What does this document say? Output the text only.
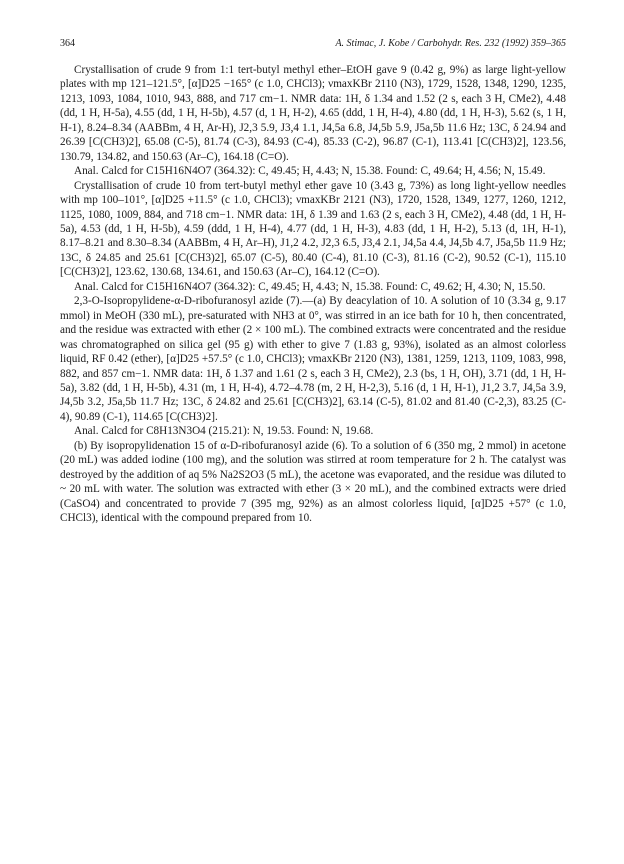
364	A. Stimac, J. Kobe / Carbohydr. Res. 232 (1992) 359–365

Crystallisation of crude 9 from 1:1 tert-butyl methyl ether–EtOH gave 9 (0.42 g, 9%) as large light-yellow plates with mp 121–121.5°, [α]D25 −165° (c 1.0, CHCl3); νmaxKBr 2110 (N3), 1729, 1528, 1348, 1290, 1235, 1213, 1093, 1084, 1010, 943, 888, and 717 cm−1. NMR data: 1H, δ 1.34 and 1.52 (2 s, each 3 H, CMe2), 4.48 (dd, 1 H, H-5a), 4.55 (dd, 1 H, H-5b), 4.57 (d, 1 H, H-2), 4.65 (ddd, 1 H, H-4), 4.80 (dd, 1 H, H-3), 5.62 (s, 1 H, H-1), 8.24–8.34 (AABBm, 4 H, Ar-H), J2,3 5.9, J3,4 1.1, J4,5a 6.8, J4,5b 5.9, J5a,5b 11.6 Hz; 13C, δ 24.94 and 26.39 [C(CH3)2], 65.08 (C-5), 81.74 (C-3), 84.93 (C-4), 85.33 (C-2), 96.87 (C-1), 113.41 [C(CH3)2], 123.56, 130.79, 134.82, and 150.63 (Ar–C), 164.18 (C=O).

Anal. Calcd for C15H16N4O7 (364.32): C, 49.45; H, 4.43; N, 15.38. Found: C, 49.64; H, 4.56; N, 15.49.

Crystallisation of crude 10 from tert-butyl methyl ether gave 10 (3.43 g, 73%) as long light-yellow needles with mp 100–101°, [α]D25 +11.5° (c 1.0, CHCl3); νmaxKBr 2121 (N3), 1720, 1528, 1349, 1277, 1260, 1212, 1125, 1080, 1009, 884, and 718 cm−1. NMR data: 1H, δ 1.39 and 1.63 (2 s, each 3 H, CMe2), 4.48 (dd, 1 H, H-5a), 4.53 (dd, 1 H, H-5b), 4.59 (ddd, 1 H, H-4), 4.77 (dd, 1 H, H-3), 4.83 (dd, 1 H, H-2), 5.13 (d, 1H, H-1), 8.17–8.21 and 8.30–8.34 (AABBm, 4 H, Ar–H), J1,2 4.2, J2,3 6.5, J3,4 2.1, J4,5a 4.4, J4,5b 4.7, J5a,5b 11.9 Hz; 13C, δ 24.85 and 25.61 [C(CH3)2], 65.07 (C-5), 80.40 (C-4), 81.10 (C-3), 81.16 (C-2), 90.52 (C-1), 115.10 [C(CH3)2], 123.62, 130.68, 134.61, and 150.63 (Ar–C), 164.12 (C=O).

Anal. Calcd for C15H16N4O7 (364.32): C, 49.45; H, 4.43; N, 15.38. Found: C, 49.62; H, 4.30; N, 15.50.

2,3-O-Isopropylidene-α-D-ribofuranosyl azide (7).—(a) By deacylation of 10. A solution of 10 (3.34 g, 9.17 mmol) in MeOH (330 mL), pre-saturated with NH3 at 0°, was stirred in an ice bath for 10 h, then concentrated, and the residue was extracted with ether (2 × 100 mL). The combined extracts were concentrated and the residue was chromatographed on silica gel (95 g) with ether to give 7 (1.83 g, 93%), isolated as an almost colorless liquid, RF 0.42 (ether), [α]D25 +57.5° (c 1.0, CHCl3); νmaxKBr 2120 (N3), 1381, 1259, 1213, 1109, 1083, 998, 882, and 857 cm−1. NMR data: 1H, δ 1.37 and 1.61 (2 s, each 3 H, CMe2), 2.3 (bs, 1 H, OH), 3.71 (dd, 1 H, H-5a), 3.82 (dd, 1 H, H-5b), 4.31 (m, 1 H, H-4), 4.72–4.78 (m, 2 H, H-2,3), 5.16 (d, 1 H, H-1), J1,2 3.7, J4,5a 3.9, J4,5b 3.2, J5a,5b 11.7 Hz; 13C, δ 24.82 and 25.61 [C(CH3)2], 63.14 (C-5), 81.02 and 81.40 (C-2,3), 83.25 (C-4), 90.89 (C-1), 114.65 [C(CH3)2].

Anal. Calcd for C8H13N3O4 (215.21): N, 19.53. Found: N, 19.68.

(b) By isopropylidenation 15 of α-D-ribofuranosyl azide (6). To a solution of 6 (350 mg, 2 mmol) in acetone (20 mL) was added iodine (100 mg), and the solution was stirred at room temperature for 2 h. The catalyst was destroyed by the addition of aq 5% Na2S2O3 (5 mL), the acetone was evaporated, and the residue was diluted to ~ 20 mL with water. The solution was extracted with ether (3 × 20 mL), and the combined extracts were dried (CaSO4) and concentrated to provide 7 (395 mg, 92%) as an almost colorless liquid, [α]D25 +57° (c 1.0, CHCl3), identical with the compound prepared from 10.
